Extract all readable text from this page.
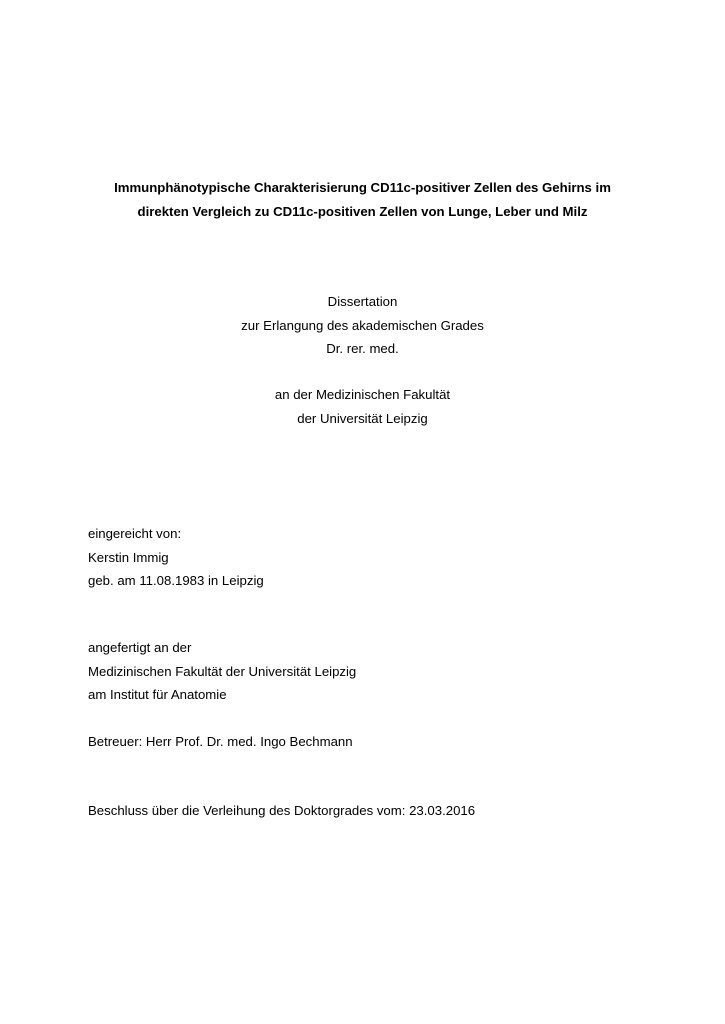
Immunphänotypische Charakterisierung CD11c-positiver Zellen des Gehirns im
direkten Vergleich zu CD11c-positiven Zellen von Lunge, Leber und Milz
Dissertation
zur Erlangung des akademischen Grades
Dr. rer. med.
an der Medizinischen Fakultät
der Universität Leipzig
eingereicht von:
Kerstin Immig
geb. am 11.08.1983 in Leipzig
angefertigt an der
Medizinischen Fakultät der Universität Leipzig
am Institut für Anatomie
Betreuer: Herr Prof. Dr. med. Ingo Bechmann
Beschluss über die Verleihung des Doktorgrades vom: 23.03.2016
